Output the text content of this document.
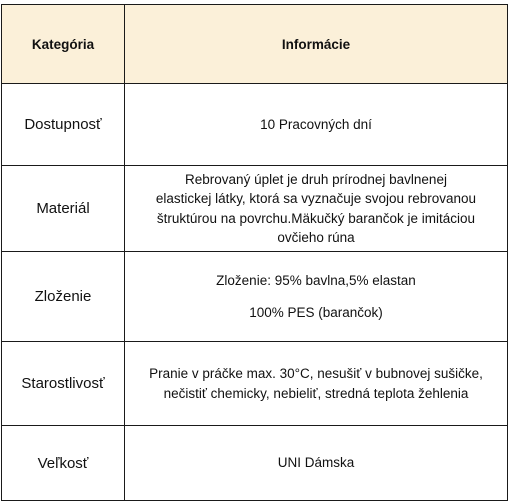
Kategória	Informácie
Dostupnosť	10 Pracovných dní

Materiál	Rebrovaný úplet je druh prírodnej bavlnenej
elastickej látky, ktorá sa vyznačuje svojou rebrovanou
štruktúrou na povrchu.Mäkučký barančok je imitáciou
ovčieho rúna

Zloženie	Zloženie: 95% bavlna,5% elastan
100% PES (barančok)

Starostlivosť	Pranie v práčke max. 30°C, nesušiť v bubnovej sušičke,
nečistiť chemicky, nebieliť, stredná teplota žehlenia

Veľkosť	UNI Dámska
